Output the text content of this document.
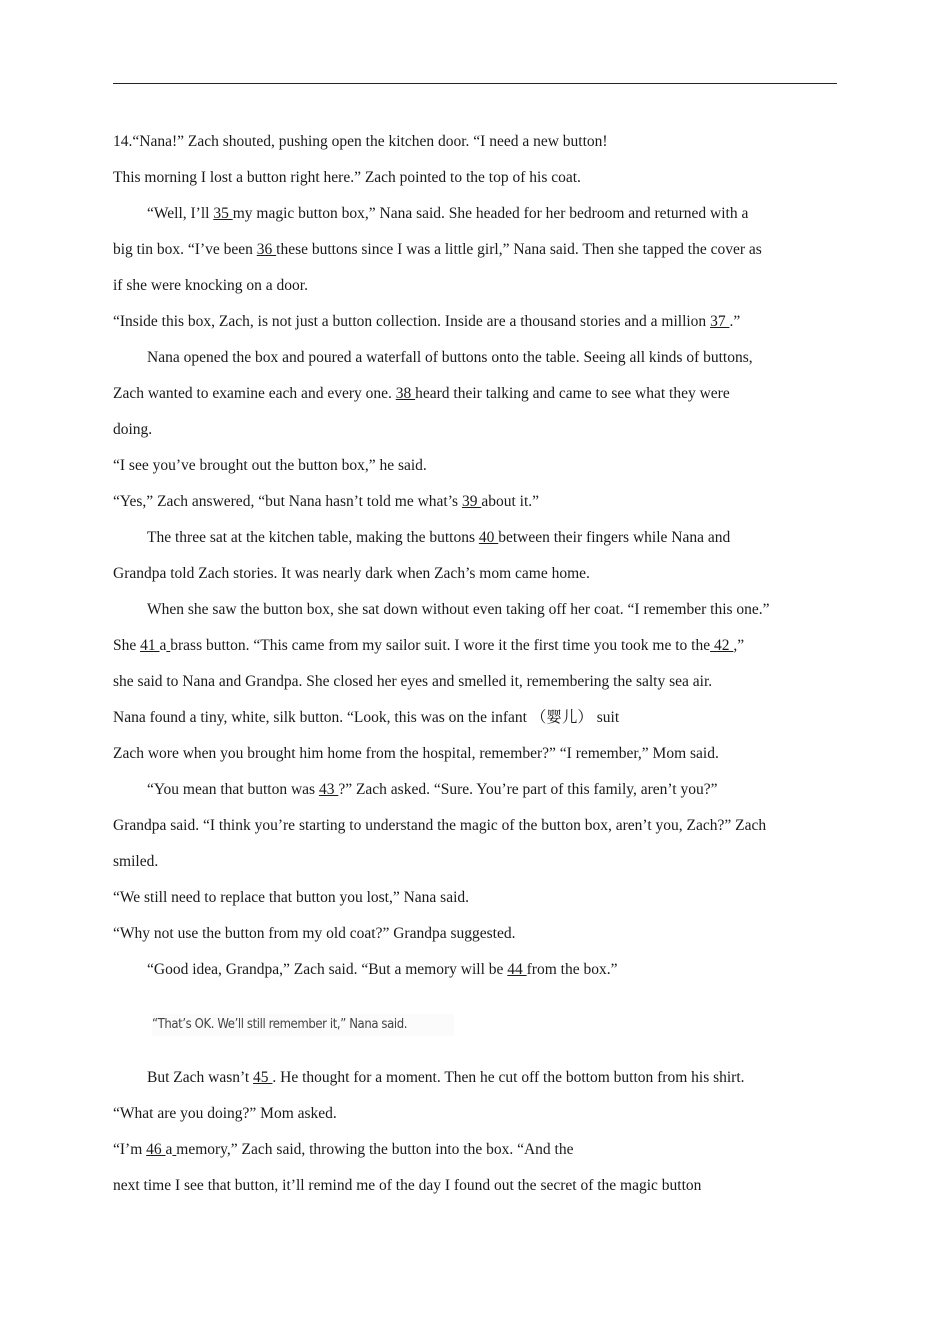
14.“Nana!” Zach shouted, pushing open the kitchen door. “I need a new button!
This morning I lost a button right here.” Zach pointed to the top of his coat.
“Well, I’ll 35 my magic button box,” Nana said. She headed for her bedroom and returned with a
big tin box. “I’ve been 36 these buttons since I was a little girl,” Nana said. Then she tapped the cover as
if she were knocking on a door.
“Inside this box, Zach, is not just a button collection. Inside are a thousand stories and a million 37 .”
Nana opened the box and poured a waterfall of buttons onto the table. Seeing all kinds of buttons,
Zach wanted to examine each and every one. 38 heard their talking and came to see what they were
doing.
“I see you’ve brought out the button box,” he said.
“Yes,” Zach answered, “but Nana hasn’t told me what’s 39 about it.”
The three sat at the kitchen table, making the buttons 40 between their fingers while Nana and
Grandpa told Zach stories. It was nearly dark when Zach’s mom came home.
When she saw the button box, she sat down without even taking off her coat. “I remember this one.”
She 41 a brass button. “This came from my sailor suit. I wore it the first time you took me to the 42 ,”
she said to Nana and Grandpa. She closed her eyes and smelled it, remembering the salty sea air.
Nana found a tiny, white, silk button. “Look, this was on the infant （婴儿） suit
Zach wore when you brought him home from the hospital, remember?” “I remember,” Mom said.
“You mean that button was 43 ?” Zach asked. “Sure. You’re part of this family, aren’t you?”
Grandpa said. “I think you’re starting to understand the magic of the button box, aren’t you, Zach?” Zach
smiled.
“We still need to replace that button you lost,” Nana said.
“Why not use the button from my old coat?” Grandpa suggested.
“Good idea, Grandpa,” Zach said. “But a memory will be 44 from the box.”
“That’s OK. We’ll still remember it,” Nana said.
But Zach wasn’t 45 . He thought for a moment. Then he cut off the bottom button from his shirt.
“What are you doing?” Mom asked.
“I’m 46 a memory,” Zach said, throwing the button into the box. “And the
next time I see that button, it’ll remind me of the day I found out the secret of the magic button
